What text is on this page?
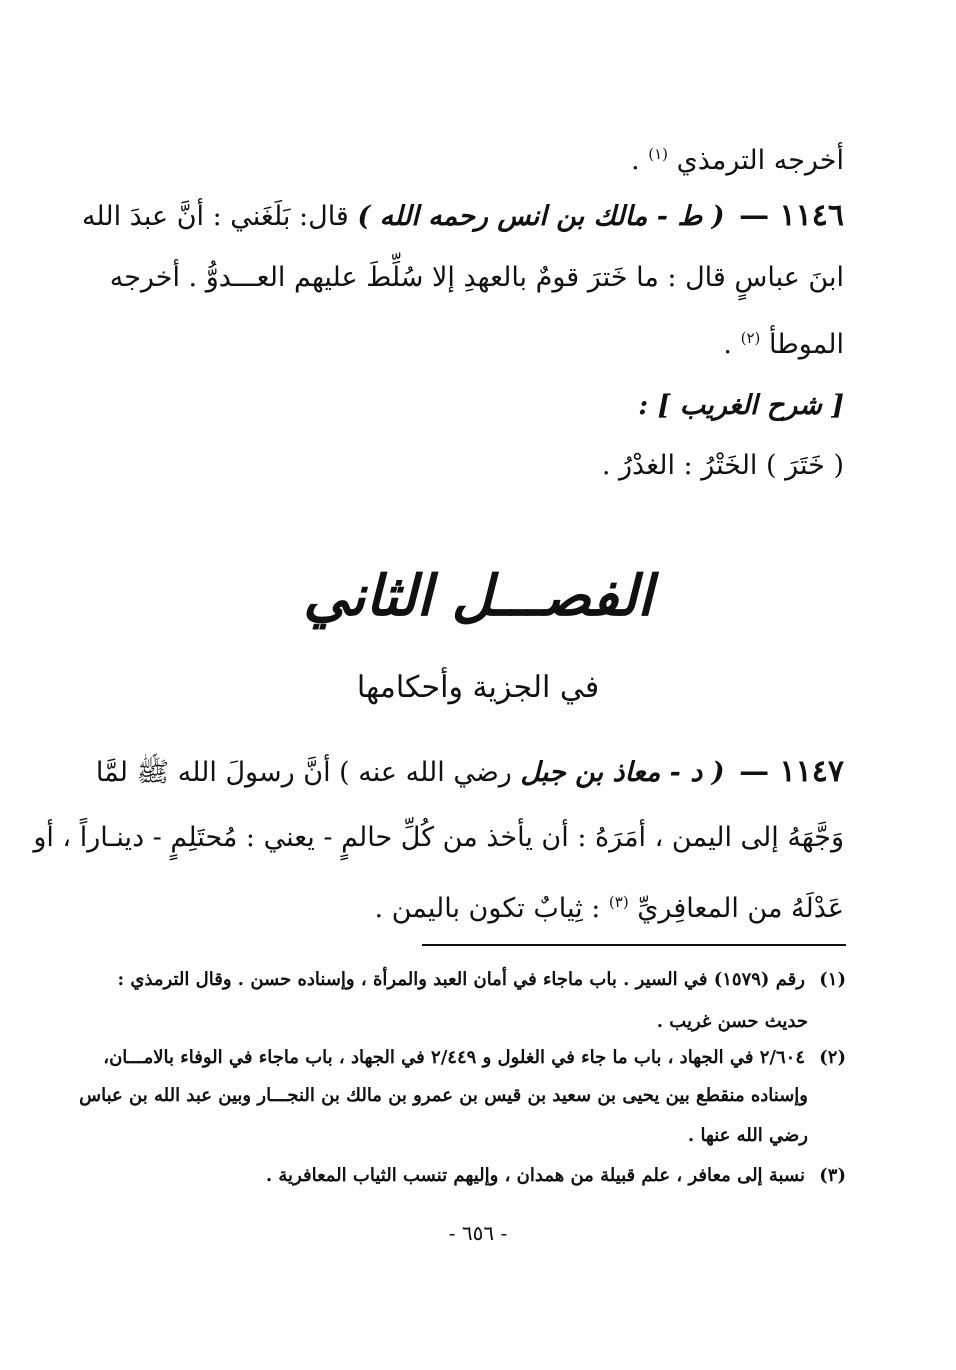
أخرجه الترمذي $^{(١)}$ .
١١٤٦ — ( ط - مالك بن انس رحمه الله ) قال: بَلَغَني : أنَّ عبدَ الله
ابنَ عباسٍ قال : ما خَترَ قومٌ بالعهدِ إلا سُلِّطَ عليهم العـــدوُّ . أخرجه
الموطأ $^{(٢)}$ .
[ شرح الغريب ] :
( خَتَرَ ) الخَتْرُ : الغدْرُ .
الفصـــل الثاني
في الجزية وأحكامها
١١٤٧ — ( د - معاذ بن جبل رضي الله عنه ) أنَّ رسولَ الله ﷺ لمَّا
وَجَّهَهُ إلى اليمن ، أمَرَهُ : أن يأخذ من كُلِّ حالمٍ - يعني : مُحتَلِمٍ - دينـاراً ، أو
عَدْلَهُ من المعافِريِّ $^{(٣)}$ : ثِيابٌ تكون باليمن .
(١) رقم (١٥٧٩) في السير . باب ماجاء في أمان العبد والمرأة ، وإسناده حسن . وقال الترمذي :
حديث حسن غريب .
(٢) ٢/٦٠٤ في الجهاد ، باب ما جاء في الغلول و ٢/٤٤٩ في الجهاد ، باب ماجاء في الوفاء بالامـــان،
وإسناده منقطع بين يحيى بن سعيد بن قيس بن عمرو بن مالك بن النجـــار وبين عبد الله بن عباس
رضي الله عنها .
(٣) نسبة إلى معافر ، علم قبيلة من همدان ، وإليهم تنسب الثياب المعافرية .
- ٦٥٦ -
